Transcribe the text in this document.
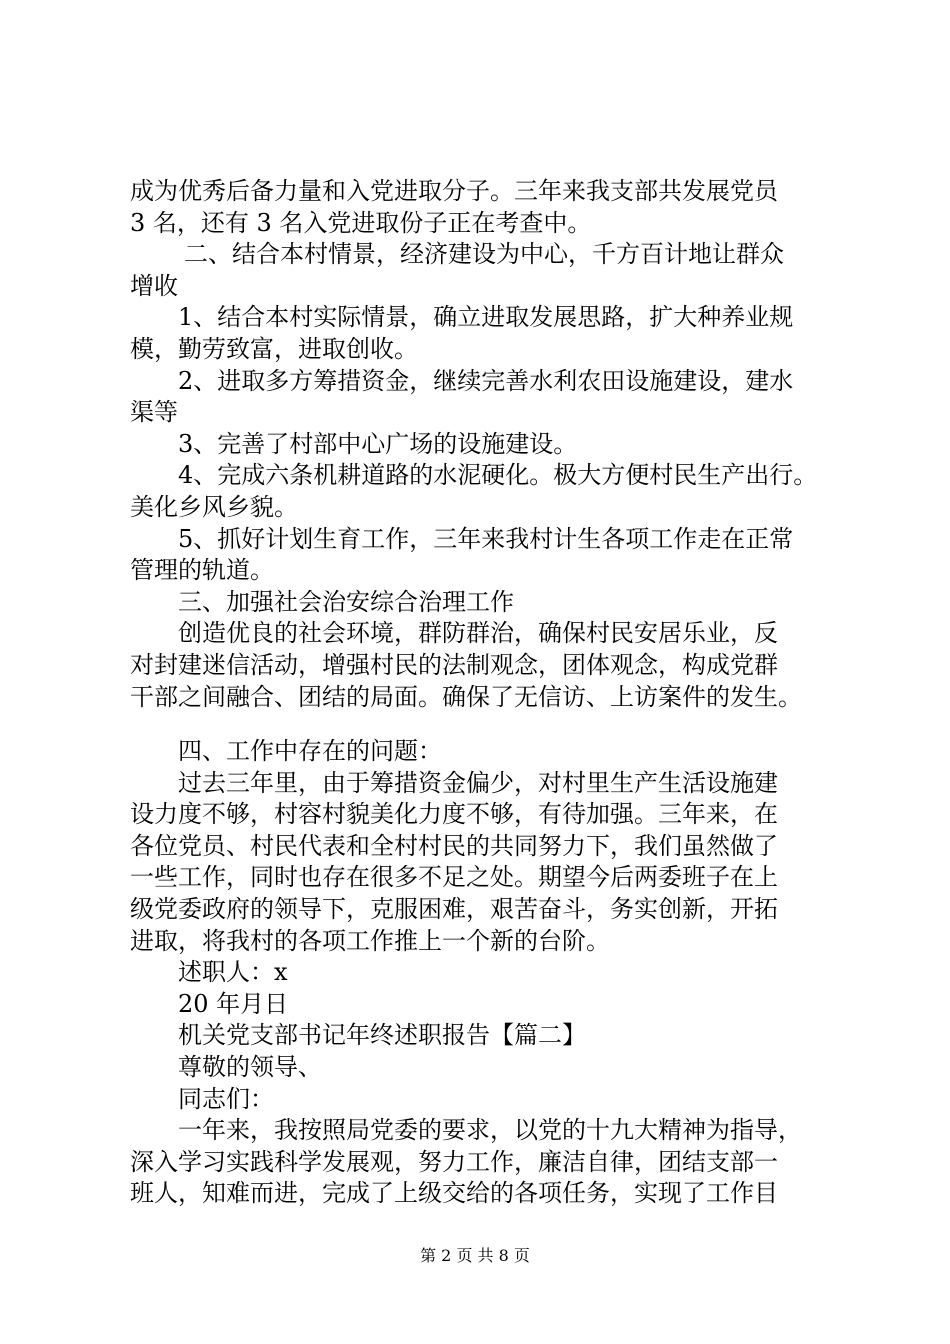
成为优秀后备力量和入党进取分子。三年来我支部共发展党员
3 名，还有 3 名入党进取份子正在考查中。
二、结合本村情景，经济建设为中心，千方百计地让群众
增收
1、结合本村实际情景，确立进取发展思路，扩大种养业规
模，勤劳致富，进取创收。
2、进取多方筹措资金，继续完善水利农田设施建设，建水
渠等
3、完善了村部中心广场的设施建设。
4、完成六条机耕道路的水泥硬化。极大方便村民生产出行。
美化乡风乡貌。
5、抓好计划生育工作，三年来我村计生各项工作走在正常
管理的轨道。
三、加强社会治安综合治理工作
创造优良的社会环境，群防群治，确保村民安居乐业，反
对封建迷信活动，增强村民的法制观念，团体观念，构成党群
干部之间融合、团结的局面。确保了无信访、上访案件的发生。
四、工作中存在的问题：
过去三年里，由于筹措资金偏少，对村里生产生活设施建
设力度不够，村容村貌美化力度不够，有待加强。三年来，在
各位党员、村民代表和全村村民的共同努力下，我们虽然做了
一些工作，同时也存在很多不足之处。期望今后两委班子在上
级党委政府的领导下，克服困难，艰苦奋斗，务实创新，开拓
进取，将我村的各项工作推上一个新的台阶。
述职人：x
20 年月日
机关党支部书记年终述职报告【篇二】
尊敬的领导、
同志们：
一年来，我按照局党委的要求，以党的十九大精神为指导，
深入学习实践科学发展观，努力工作，廉洁自律，团结支部一
班人，知难而进，完成了上级交给的各项任务，实现了工作目
第 2 页 共 8 页
